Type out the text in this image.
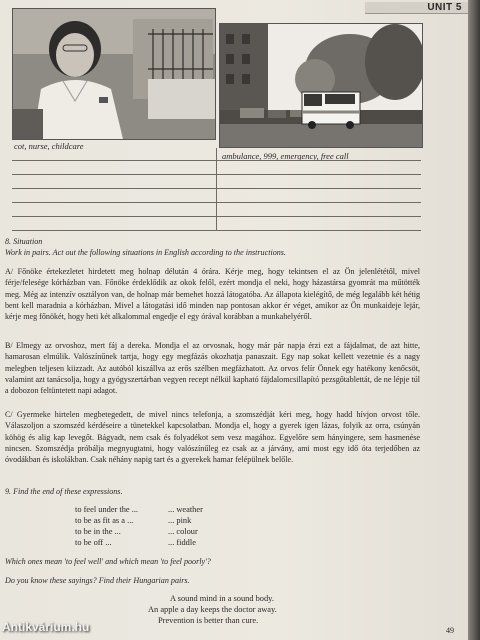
UNIT 5
cot, nurse, childcare
ambulance, 999, emergency, free call
8. Situation
Work in pairs. Act out the following situations in English according to the instructions.
A/ Főnöke értekezletet hirdetett meg holnap délután 4 órára. Kérje meg, hogy tekintsen el az Ön jelenlététől, mivel férje/felesége kórházban van. Főnöke érdeklődik az okok felől, ezért mondja el neki, hogy házastársa gyomrát ma műtötték meg. Még az intenzív osztályon van, de holnap már bemehet hozzá látogatóba. Az állapota kielégítő, de még legalább két hétig bent kell maradnia a kórházban. Mivel a látogatási idő minden nap pontosan akkor ér véget, amikor az Ön munkaideje lejár, kérje meg főnökét, hogy heti két alkalommal engedje el egy órával korábban a munkahelyéről.
B/ Elmegy az orvoshoz, mert fáj a derekа. Mondja el az orvosnak, hogy már pár napja érzi ezt a fájdalmat, de azt hitte, hamarosan elmúlik. Valószínűnek tartja, hogy egy megfázás okozhatja panaszait. Egy nap sokat kellett vezetnie és a nagy melegben teljesen kiizzadt. Az autóból kiszállva az erős szélben megfázhatott. Az orvos felír Önnek egy hatékony kenőcsöt, valamint azt tanácsolja, hogy a gyógyszertárban vegyen recept nélkül kapható fájdalomcsillapító pezsgőtablettát, de ne lépje túl a dobozon feltüntetett napi adagot.
C/ Gyermeke hirtelen megbetegedett, de mivel nincs telefonja, a szomszédját kéri meg, hogy hadd hívjon orvost tőle. Válaszoljon a szomszéd kérdéseire a tünetekkel kapcsolatban. Mondja el, hogy a gyerek igen lázas, folyik az orra, csúnyán köhög és alig kap levegőt. Bágyadt, nem csak és folyadékot sem vesz magához. Egyelőre sem hányingere, sem hasmenése nincsen. Szomszédja próbálja megnyugtatni, hogy valószínűleg ez csak az a járvány, ami most egy idő óta terjedőben az óvodákban és iskolákban. Csak néhány napig tart és a gyerekek hamar felépülnek belőle.
9. Find the end of these expressions.
to feel under the ...
to be as fit as a ...
to be in the ...
to be off ...
... weather
... pink
... colour
... fiddle
Which ones mean 'to feel well' and which mean 'to feel poorly'?
Do you know these sayings? Find their Hungarian pairs.
A sound mind in a sound body.
An apple a day keeps the doctor away.
Prevention is better than cure.
49
Antikvárium.hu
